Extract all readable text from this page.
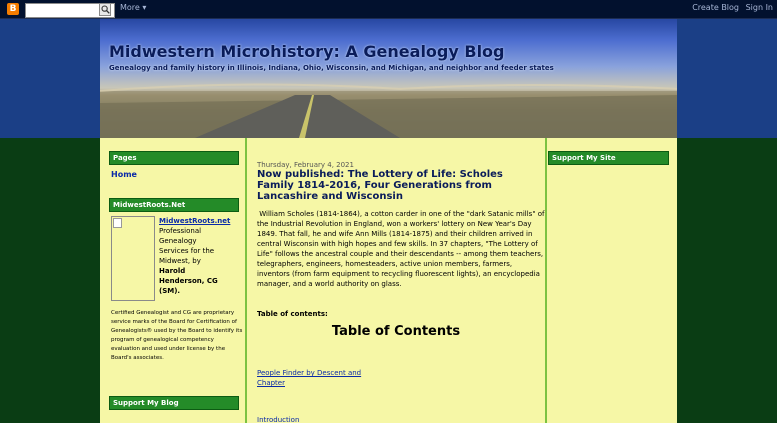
B	More ▾	Create Blog Sign In
Midwestern Microhistory: A Genealogy Blog
Genealogy and family history in Illinois, Indiana, Ohio, Wisconsin, and Michigan, and neighbor and feeder states
Pages
Home
MidwestRoots.Net
MidwestRoots.net Professional Genealogy Services for the Midwest, by Harold Henderson, CG (SM).
Certified Genealogist and CG are proprietary service marks of the Board for Certification of Genealogists® used by the Board to identify its program of genealogical competency evaluation and used under license by the Board's associates.
Support My Blog
Thursday, February 4, 2021
Now published: The Lottery of Life: Scholes Family 1814-2016, Four Generations from Lancashire and Wisconsin
William Scholes (1814-1864), a cotton carder in one of the "dark Satanic mills" of the Industrial Revolution in England, won a workers' lottery on New Year's Day 1849. That fall, he and wife Ann Mills (1814-1875) and their children arrived in central Wisconsin with high hopes and few skills. In 37 chapters, "The Lottery of Life" follows the ancestral couple and their descendants -- among them teachers, telegraphers, engineers, homesteaders, active union members, farmers, inventors (from farm equipment to recycling fluorescent lights), an encyclopedia manager, and a world authority on glass.
Table of contents:
Table of Contents
People Finder by Descent and Chapter
Introduction
Support My Site
